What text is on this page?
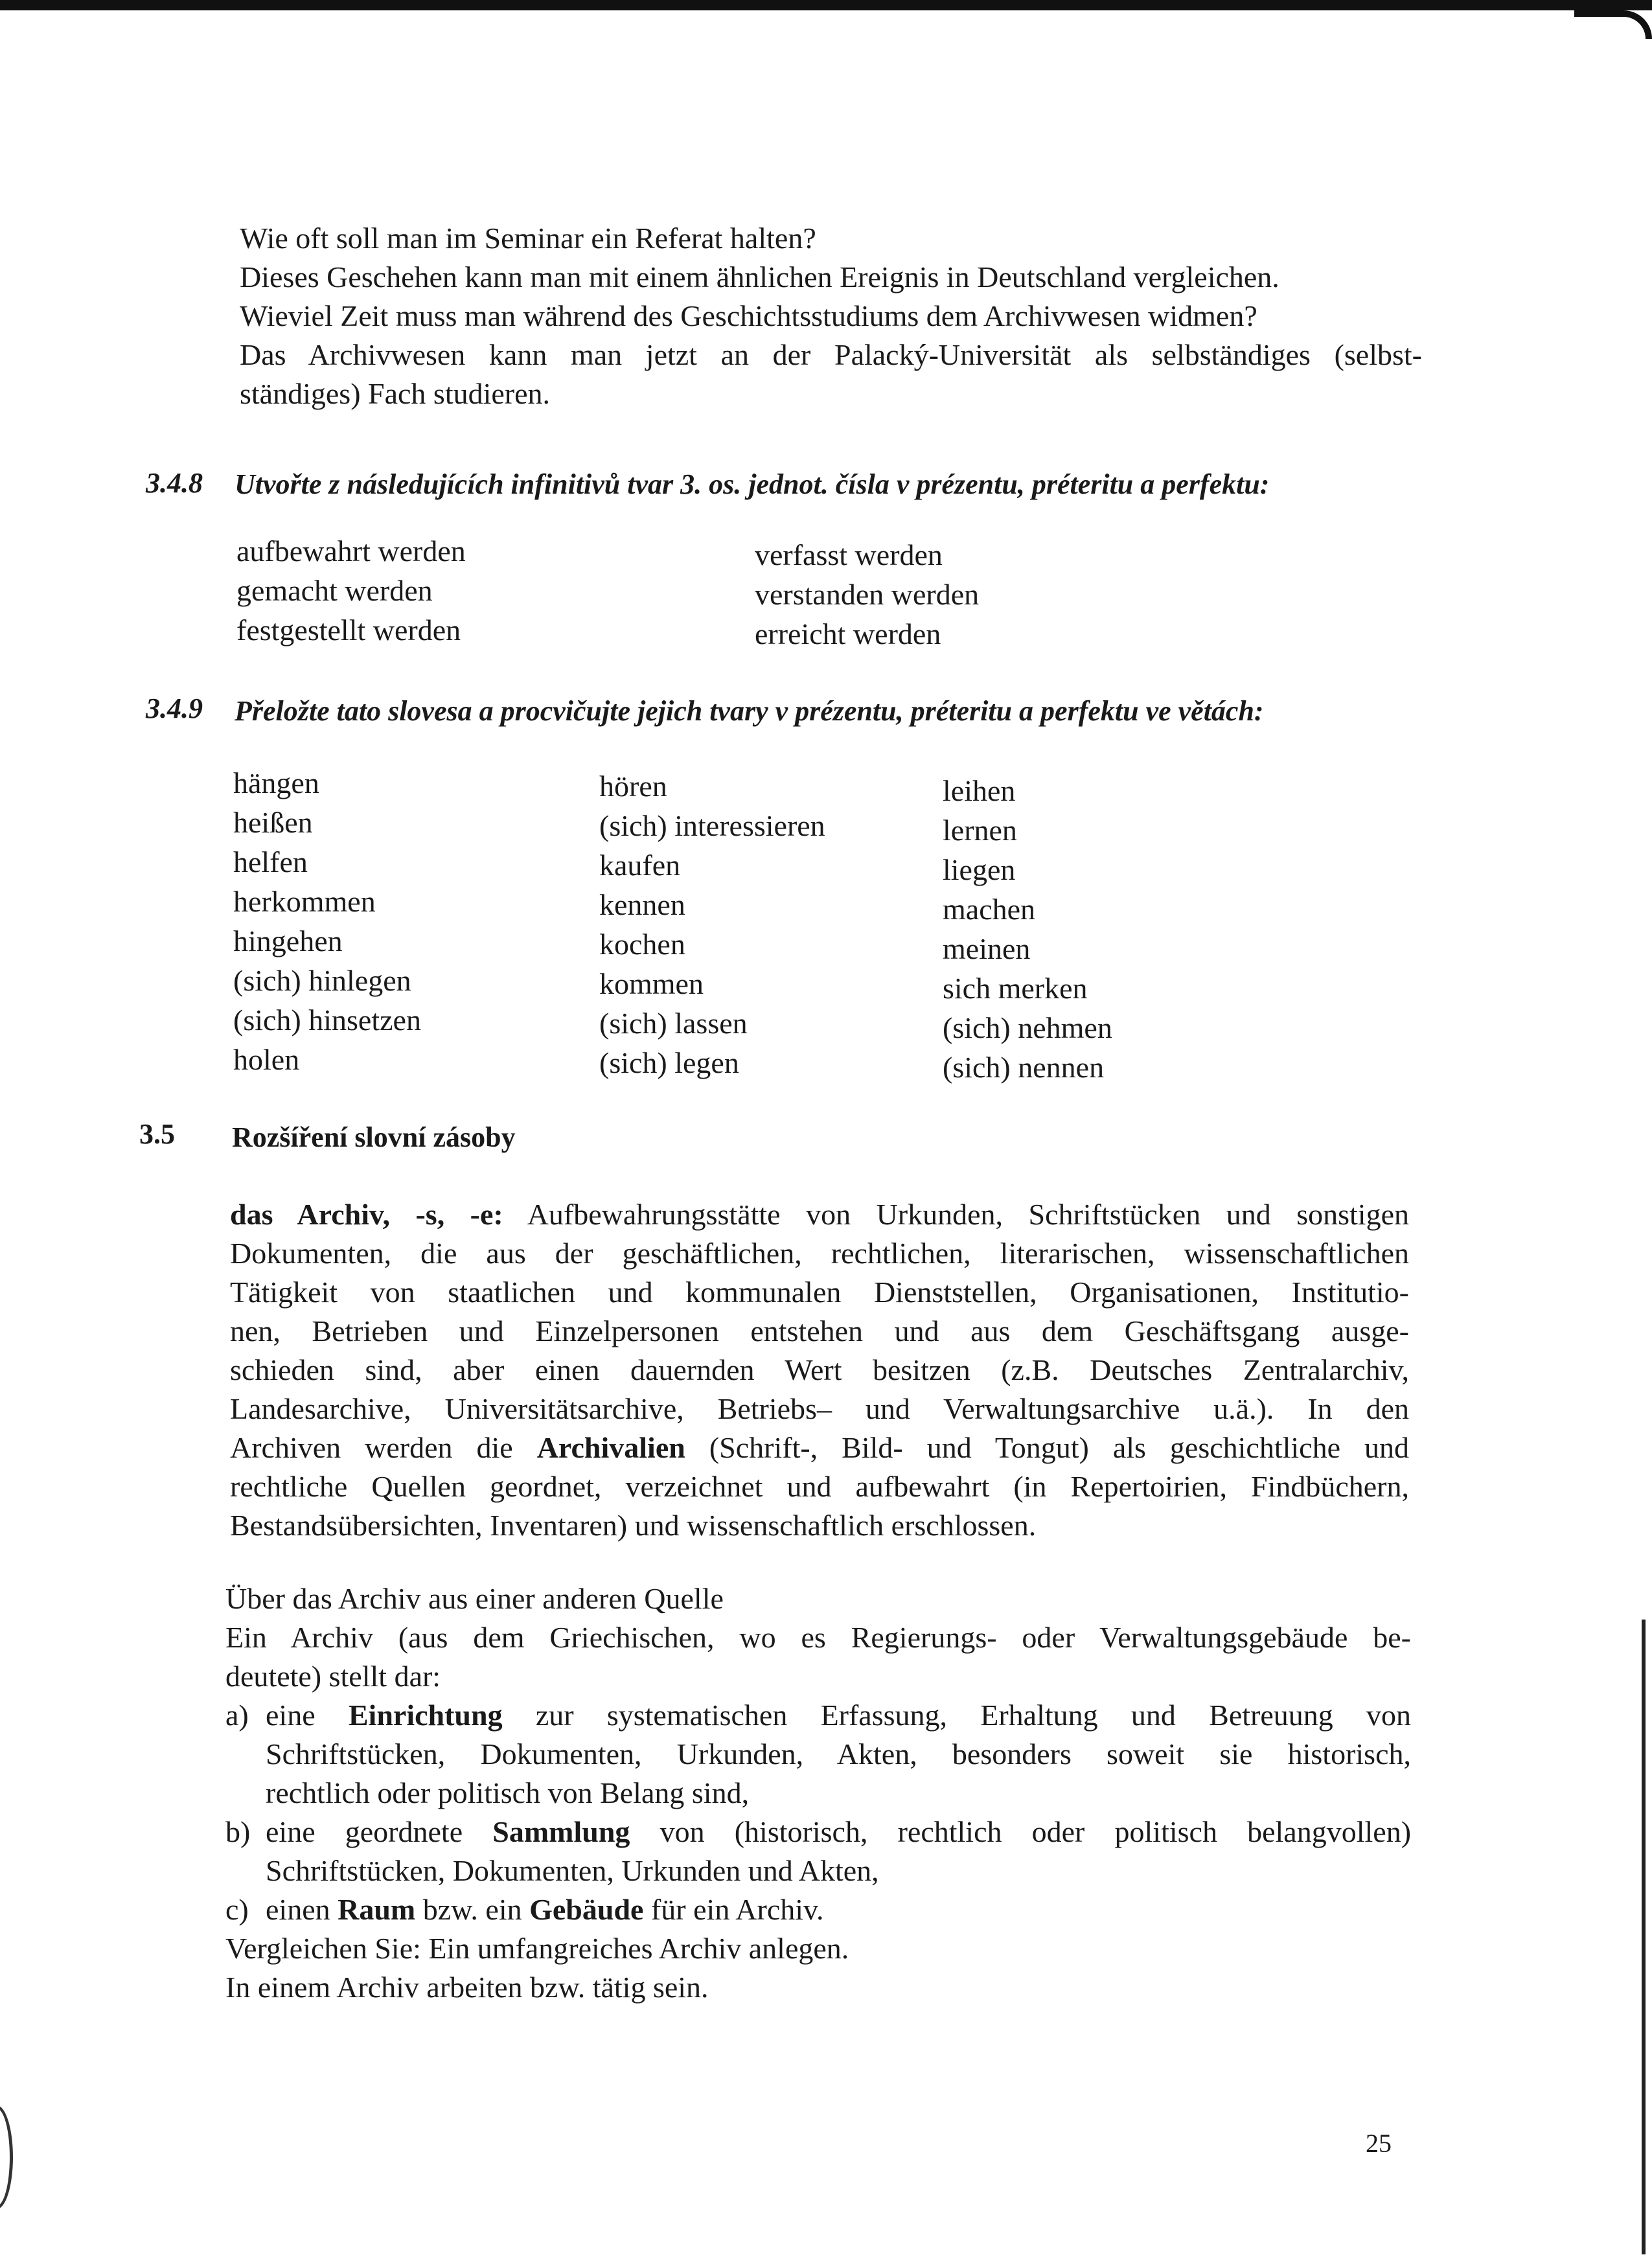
Wie oft soll man im Seminar ein Referat halten?
Dieses Geschehen kann man mit einem ähnlichen Ereignis in Deutschland vergleichen.
Wieviel Zeit muss man während des Geschichtsstudiums dem Archivwesen widmen?
Das Archivwesen kann man jetzt an der Palacký-Universität als selbständiges (selbst-
ständiges) Fach studieren.
3.4.8 Utvořte z následujících infinitivů tvar 3. os. jednot. čísla v prézentu, préteritu a perfektu:
aufbewahrt werden
gemacht werden
festgestellt werden
verfasst werden
verstanden werden
erreicht werden
3.4.9 Přeložte tato slovesa a procvičujte jejich tvary v prézentu, préteritu a perfektu ve větách:
hängen
heißen
helfen
herkommen
hingehen
(sich) hinlegen
(sich) hinsetzen
holen
hören
(sich) interessieren
kaufen
kennen
kochen
kommen
(sich) lassen
(sich) legen
leihen
lernen
liegen
machen
meinen
sich merken
(sich) nehmen
(sich) nennen
3.5 Rozšíření slovní zásoby
das Archiv, -s, -e: Aufbewahrungsstätte von Urkunden, Schriftstücken und sonstigen
Dokumenten, die aus der geschäftlichen, rechtlichen, literarischen, wissenschaftlichen
Tätigkeit von staatlichen und kommunalen Dienststellen, Organisationen, Institutio-
nen, Betrieben und Einzelpersonen entstehen und aus dem Geschäftsgang ausge-
schieden sind, aber einen dauernden Wert besitzen (z.B. Deutsches Zentralarchiv,
Landesarchive, Universitätsarchive, Betriebs– und Verwaltungsarchive u.ä.). In den
Archiven werden die Archivalien (Schrift-, Bild- und Tongut) als geschichtliche und
rechtliche Quellen geordnet, verzeichnet und aufbewahrt (in Repertoirien, Findbüchern,
Bestandsübersichten, Inventaren) und wissenschaftlich erschlossen.
Über das Archiv aus einer anderen Quelle
Ein Archiv (aus dem Griechischen, wo es Regierungs- oder Verwaltungsgebäude be-
deutete) stellt dar:
a) eine Einrichtung zur systematischen Erfassung, Erhaltung und Betreuung von
Schriftstücken, Dokumenten, Urkunden, Akten, besonders soweit sie historisch,
rechtlich oder politisch von Belang sind,
b) eine geordnete Sammlung von (historisch, rechtlich oder politisch belangvollen)
Schriftstücken, Dokumenten, Urkunden und Akten,
c) einen Raum bzw. ein Gebäude für ein Archiv.
Vergleichen Sie: Ein umfangreiches Archiv anlegen.
In einem Archiv arbeiten bzw. tätig sein.
25
